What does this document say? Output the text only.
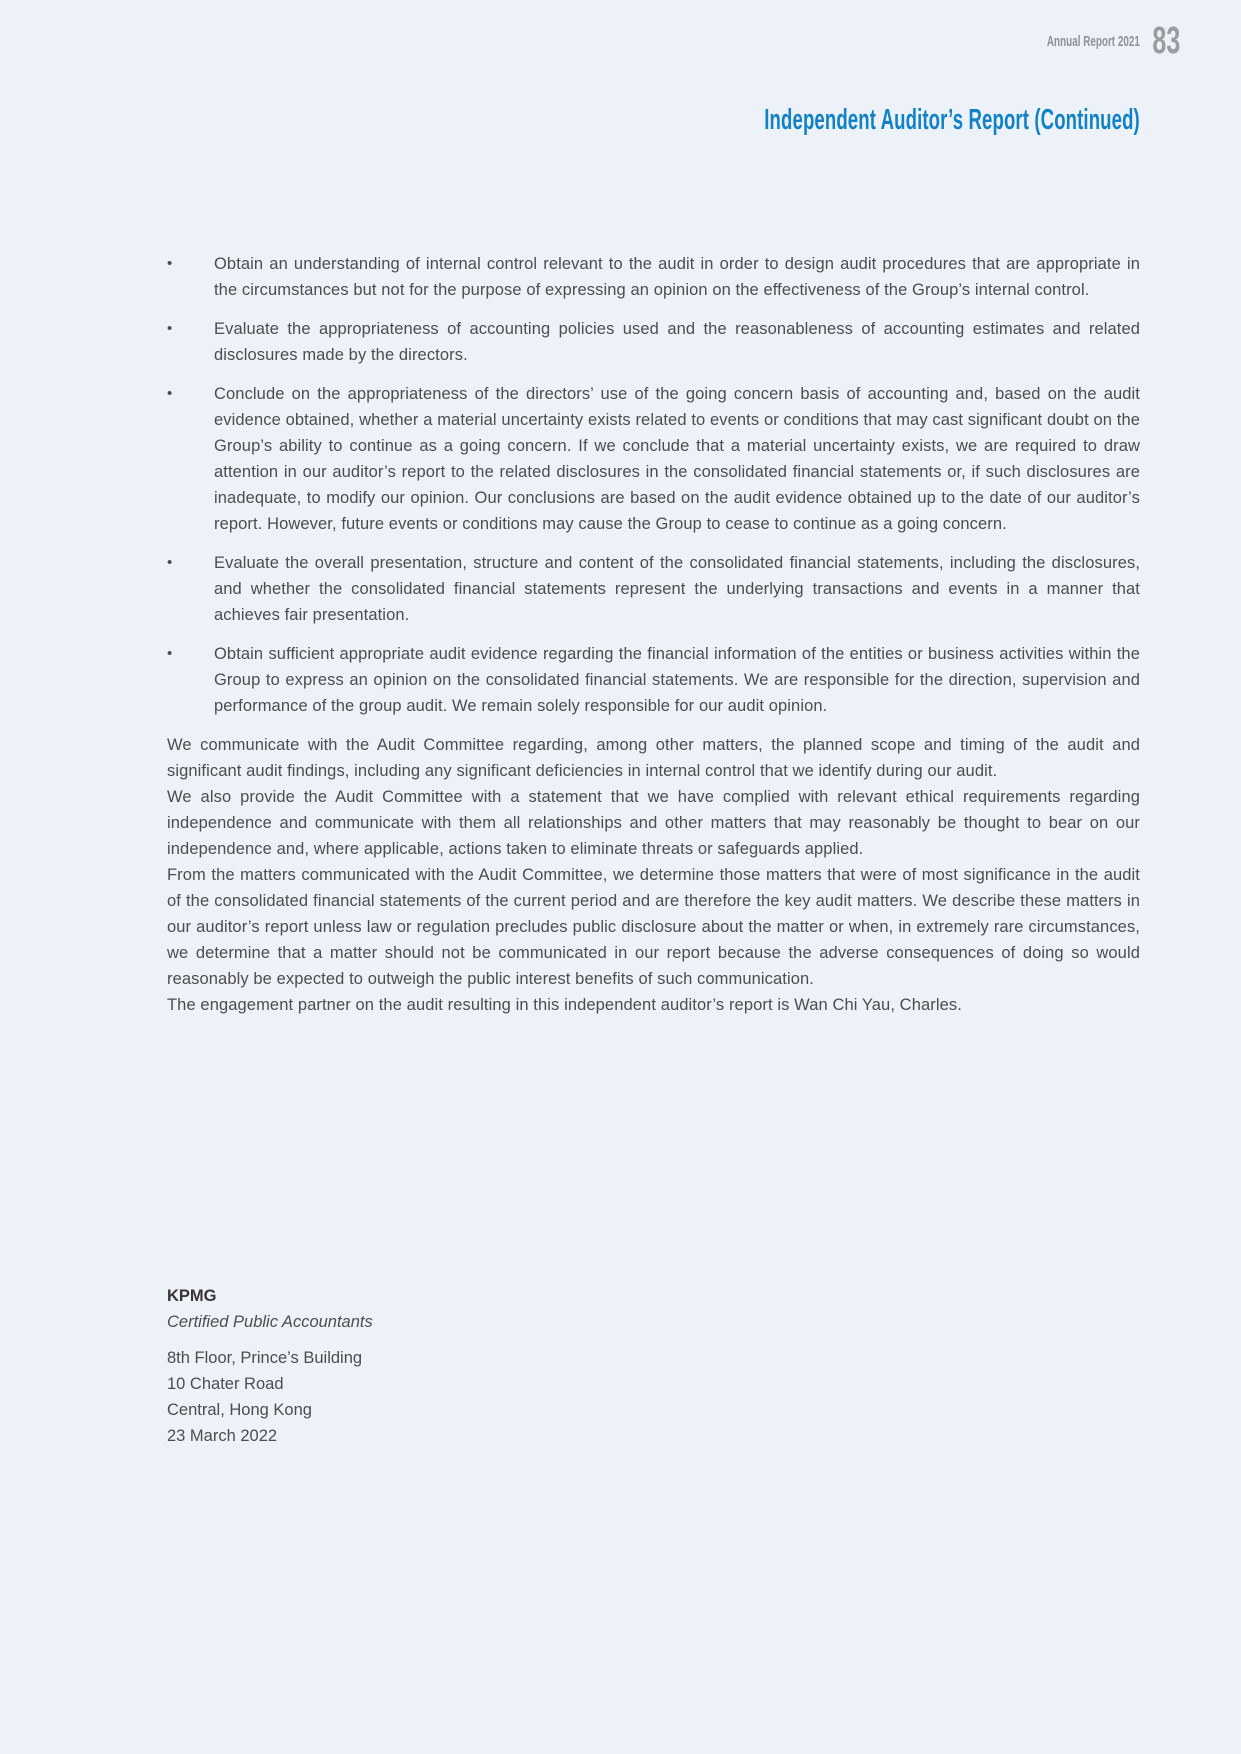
Annual Report 2021 83
Independent Auditor’s Report (Continued)
•	Obtain an understanding of internal control relevant to the audit in order to design audit procedures that are appropriate in the circumstances but not for the purpose of expressing an opinion on the effectiveness of the Group’s internal control.

•	Evaluate the appropriateness of accounting policies used and the reasonableness of accounting estimates and related disclosures made by the directors.

•	Conclude on the appropriateness of the directors’ use of the going concern basis of accounting and, based on the audit evidence obtained, whether a material uncertainty exists related to events or conditions that may cast significant doubt on the Group’s ability to continue as a going concern. If we conclude that a material uncertainty exists, we are required to draw attention in our auditor’s report to the related disclosures in the consolidated financial statements or, if such disclosures are inadequate, to modify our opinion. Our conclusions are based on the audit evidence obtained up to the date of our auditor’s report. However, future events or conditions may cause the Group to cease to continue as a going concern.

•	Evaluate the overall presentation, structure and content of the consolidated financial statements, including the disclosures, and whether the consolidated financial statements represent the underlying transactions and events in a manner that achieves fair presentation.

•	Obtain sufficient appropriate audit evidence regarding the financial information of the entities or business activities within the Group to express an opinion on the consolidated financial statements. We are responsible for the direction, supervision and performance of the group audit. We remain solely responsible for our audit opinion.

We communicate with the Audit Committee regarding, among other matters, the planned scope and timing of the audit and significant audit findings, including any significant deficiencies in internal control that we identify during our audit.

We also provide the Audit Committee with a statement that we have complied with relevant ethical requirements regarding independence and communicate with them all relationships and other matters that may reasonably be thought to bear on our independence and, where applicable, actions taken to eliminate threats or safeguards applied.

From the matters communicated with the Audit Committee, we determine those matters that were of most significance in the audit of the consolidated financial statements of the current period and are therefore the key audit matters. We describe these matters in our auditor’s report unless law or regulation precludes public disclosure about the matter or when, in extremely rare circumstances, we determine that a matter should not be communicated in our report because the adverse consequences of doing so would reasonably be expected to outweigh the public interest benefits of such communication.

The engagement partner on the audit resulting in this independent auditor’s report is Wan Chi Yau, Charles.

KPMG

Certified Public Accountants

8th Floor, Prince’s Building

10 Chater Road

Central, Hong Kong

23 March 2022
